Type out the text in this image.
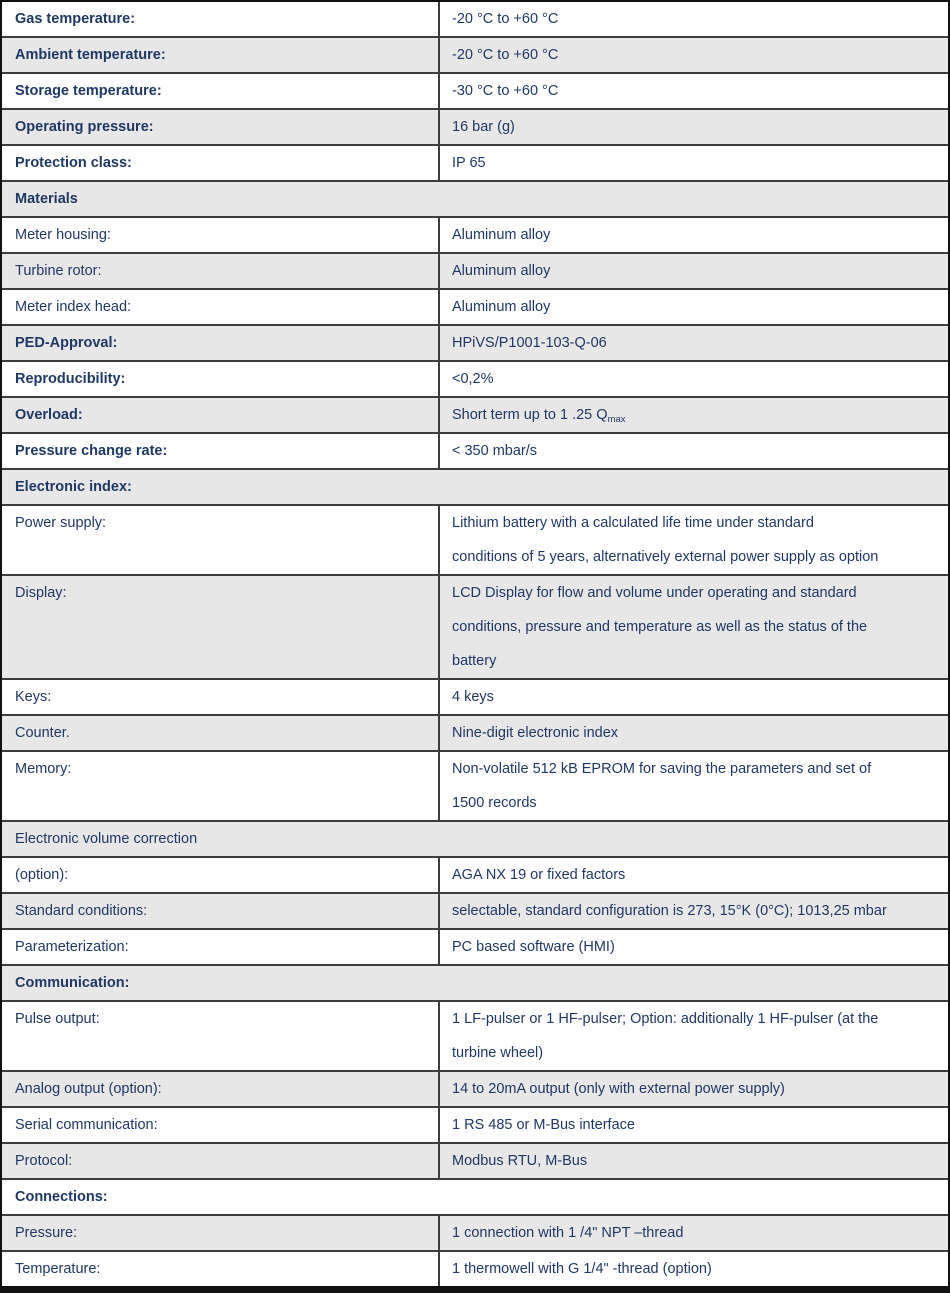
Gas temperature:	-20 °C to +60 °C
Ambient temperature:	-20 °C to +60 °C
Storage temperature:	-30 °C to +60 °C
Operating pressure:	16 bar (g)
Protection class:	IP 65
Materials
Meter housing:	Aluminum alloy
Turbine rotor:	Aluminum alloy
Meter index head:	Aluminum alloy
PED-Approval:	HPiVS/P1001-103-Q-06
Reproducibility:	<0,2%
Overload:	Short term up to 1 .25 $Q_{max}$
Pressure change rate:	< 350 mbar/s
Electronic index:
Power supply:	Lithium battery with a calculated life time under standard
conditions of 5 years, alternatively external power supply as option
Display:	LCD Display for flow and volume under operating and standard
conditions, pressure and temperature as well as the status of the
battery
Keys:	4 keys
Counter.	Nine-digit electronic index
Memory:	Non-volatile 512 kB EPROM for saving the parameters and set of
1500 records
Electronic volume correction
(option):	AGA NX 19 or fixed factors
Standard conditions:	selectable, standard configuration is 273, 15°K (0°C); 1013,25 mbar
Parameterization:	PC based software (HMI)
Communication:
Pulse output:	1 LF-pulser or 1 HF-pulser; Option: additionally 1 HF-pulser (at the
turbine wheel)
Analog output (option):	14 to 20mA output (only with external power supply)
Serial communication:	1 RS 485 or M-Bus interface
Protocol:	Modbus RTU, M-Bus
Connections:
Pressure:	1 connection with 1 /4" NPT –thread
Temperature:	1 thermowell with G 1/4" -thread (option)
